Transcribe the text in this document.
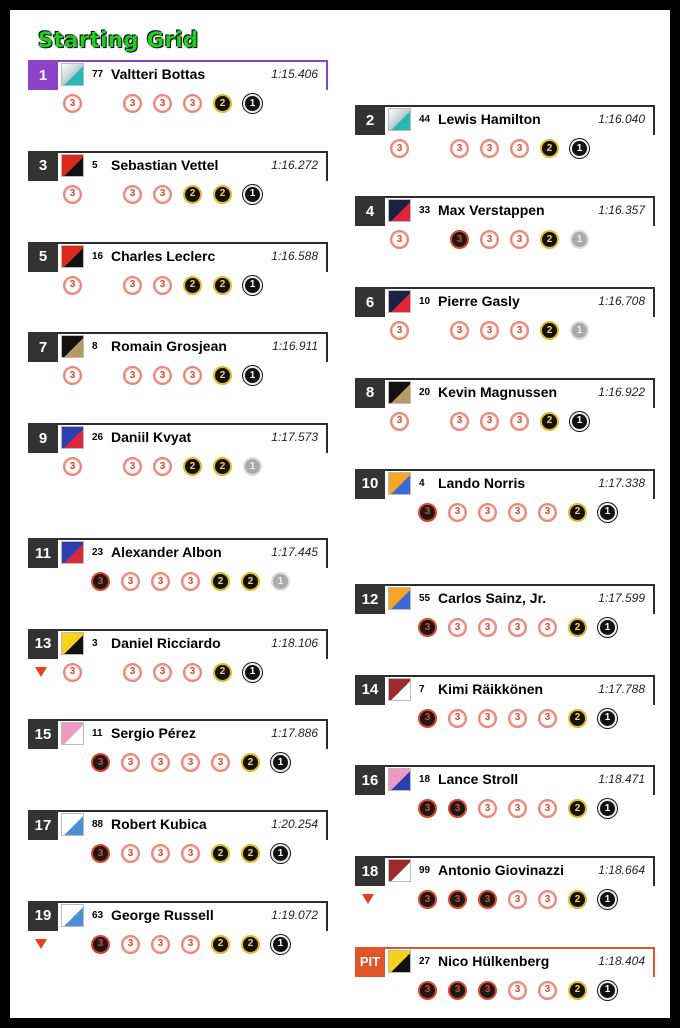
Starting Grid
1	77 Valtteri Bottas	1:15.406
3	3	3	3	2	1
2	44 Lewis Hamilton	1:16.040
3	3	3	3	2	1
3	5 Sebastian Vettel	1:16.272
3	3	3	2	2	1
4	33 Max Verstappen	1:16.357
3	3	3	3	2	1
5	16 Charles Leclerc	1:16.588
3	3	3	2	2	1
6	10 Pierre Gasly	1:16.708
3	3	3	3	2	1
7	8 Romain Grosjean	1:16.911
3	3	3	3	2	1
8	20 Kevin Magnussen	1:16.922
3	3	3	3	2	1
9	26 Daniil Kvyat	1:17.573
3	3	3	2	2	1
10	4 Lando Norris	1:17.338
3	3	3	3	3	2	1
11	23 Alexander Albon	1:17.445
3	3	3	3	2	2	1
12	55 Carlos Sainz, Jr.	1:17.599
3	3	3	3	3	2	1
13	3 Daniel Ricciardo	1:18.106
3	3	3	3	2	1
14	7 Kimi Räikkönen	1:17.788
3	3	3	3	3	2	1
15	11 Sergio Pérez	1:17.886
3	3	3	3	3	2	1
16	18 Lance Stroll	1:18.471
3	3	3	3	3	2	1
17	88 Robert Kubica	1:20.254
3	3	3	3	2	2	1
18	99 Antonio Giovinazzi	1:18.664
3	3	3	3	3	2	1
19	63 George Russell	1:19.072
3	3	3	3	2	2	1
PIT	27 Nico Hülkenberg	1:18.404
3	3	3	3	3	2	1
